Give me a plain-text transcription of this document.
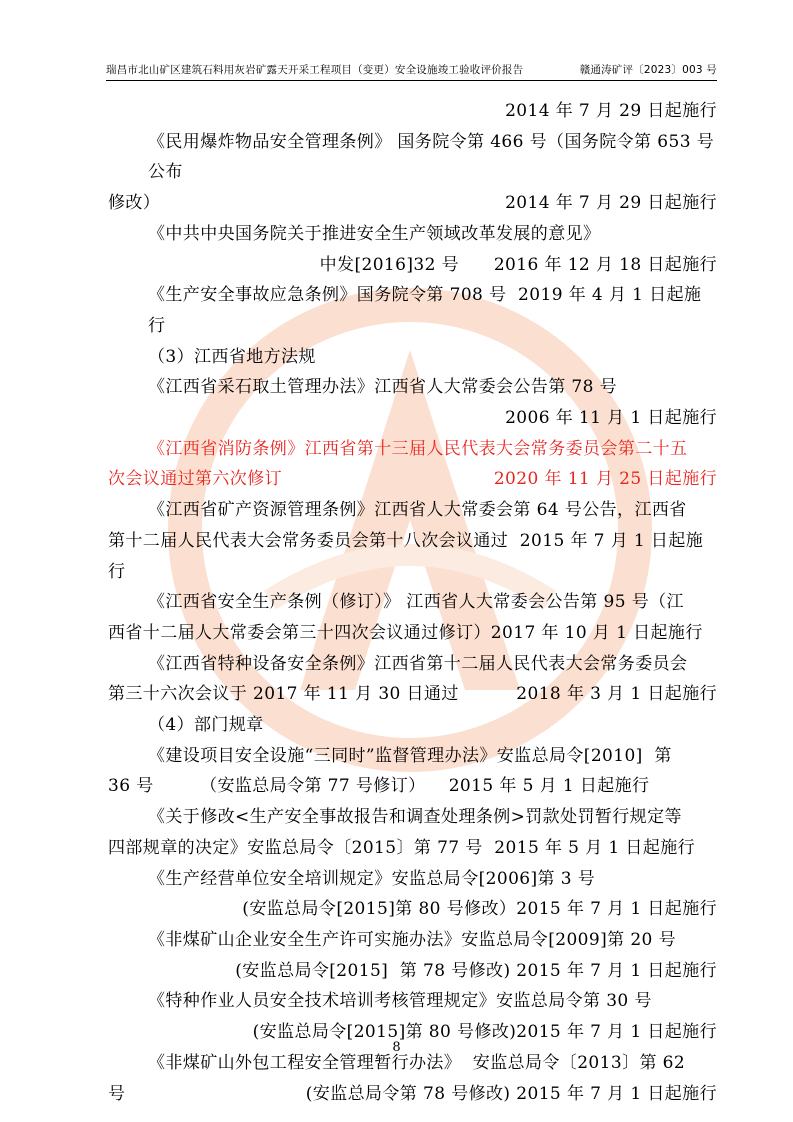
瑞昌市北山矿区建筑石料用灰岩矿露天开采工程项目（变更）安全设施竣工验收评价报告	赣通涛矿评〔2023〕003 号

2014 年 7 月 29 日起施行

《民用爆炸物品安全管理条例》 国务院令第 466 号（国务院令第 653 号公布

修改）	2014 年 7 月 29 日起施行

《中共中央国务院关于推进安全生产领域改革发展的意见》

中发[2016]32 号      2016 年 12 月 18 日起施行

《生产安全事故应急条例》国务院令第 708 号  2019 年 4 月 1 日起施行

（3）江西省地方法规

《江西省采石取土管理办法》江西省人大常委会公告第 78 号

2006 年 11 月 1 日起施行

《江西省消防条例》江西省第十三届人民代表大会常务委员会第二十五

次会议通过第六次修订	2020 年 11 月 25 日起施行

《江西省矿产资源管理条例》江西省人大常委会第 64 号公告，江西省

第十二届人民代表大会常务委员会第十八次会议通过  2015 年 7 月 1 日起施行

《江西省安全生产条例（修订）》 江西省人大常委会公告第 95 号（江

西省十二届人大常委会第三十四次会议通过修订）2017 年 10 月 1 日起施行

《江西省特种设备安全条例》江西省第十二届人民代表大会常务委员会

第三十六次会议于 2017 年 11 月 30 日通过	2018 年 3 月 1 日起施行

（4）部门规章

《建设项目安全设施“三同时”监督管理办法》安监总局令[2010]  第

36 号        （安监总局令第 77 号修订）    2015 年 5 月 1 日起施行

《关于修改<生产安全事故报告和调查处理条例>罚款处罚暂行规定等

四部规章的决定》安监总局令〔2015〕第 77 号  2015 年 5 月 1 日起施行

《生产经营单位安全培训规定》安监总局令[2006]第 3 号

(安监总局令[2015]第 80 号修改）2015 年 7 月 1 日起施行

《非煤矿山企业安全生产许可实施办法》安监总局令[2009]第 20 号

(安监总局令[2015]  第 78 号修改) 2015 年 7 月 1 日起施行

《特种作业人员安全技术培训考核管理规定》安监总局令第 30 号

(安监总局令[2015]第 80 号修改)2015 年 7 月 1 日起施行

《非煤矿山外包工程安全管理暂行办法》  安监总局令〔2013〕第 62

号	(安监总局令第 78 号修改) 2015 年 7 月 1 日起施行

8
